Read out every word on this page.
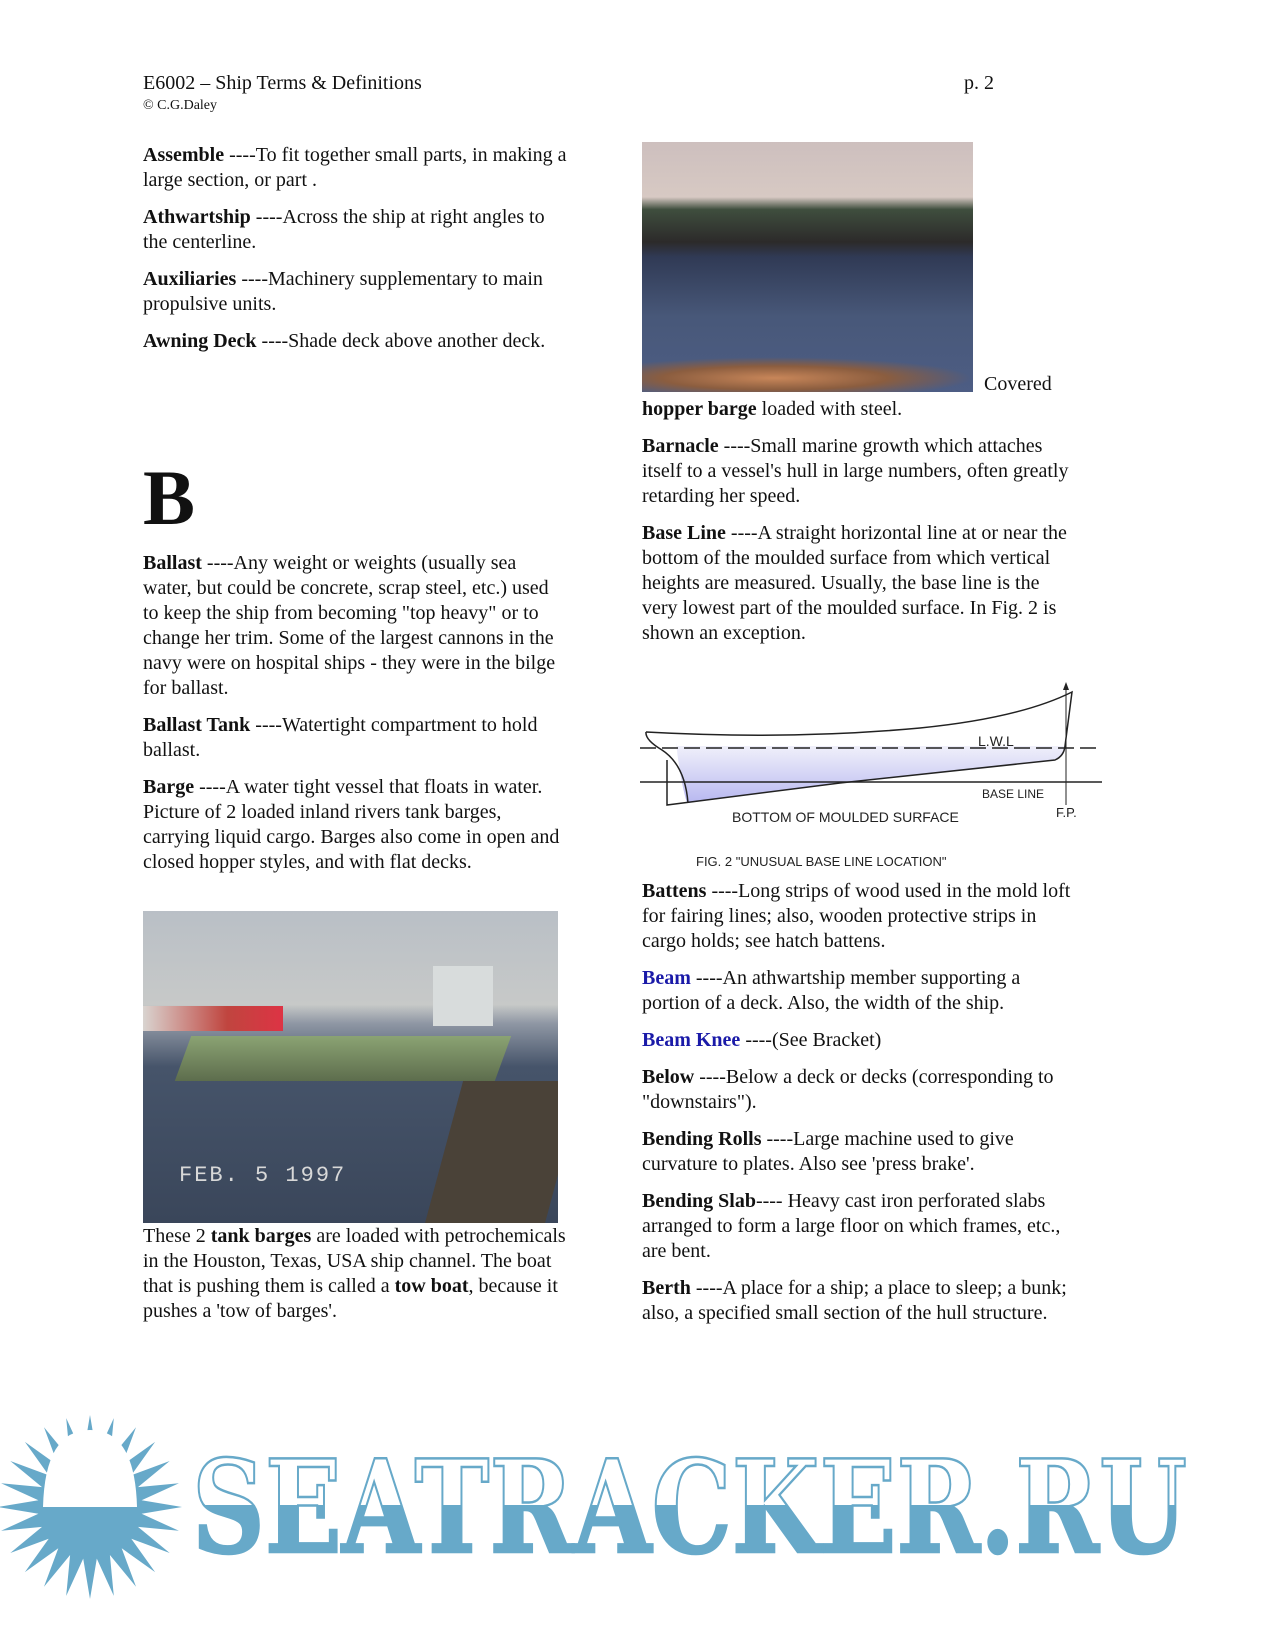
E6002 – Ship Terms & Definitions
© C.G.Daley
p. 2

Assemble ----To fit together small parts, in making a large section, or part .

Athwartship ----Across the ship at right angles to the centerline.

Auxiliaries ----Machinery supplementary to main propulsive units.

Awning Deck ----Shade deck above another deck.

B

Ballast ----Any weight or weights (usually sea water, but could be concrete, scrap steel, etc.) used to keep the ship from becoming "top heavy" or to change her trim. Some of the largest cannons in the navy were on hospital ships - they were in the bilge for ballast.

Ballast Tank ----Watertight compartment to hold ballast.

Barge ----A water tight vessel that floats in water. Picture of 2 loaded inland rivers tank barges, carrying liquid cargo. Barges also come in open and closed hopper styles, and with flat decks.

FEB. 5 1997
These 2 tank barges are loaded with petrochemicals in the Houston, Texas, USA ship channel. The boat that is pushing them is called a tow boat, because it pushes a 'tow of barges'.
Covered
hopper barge loaded with steel.

Barnacle ----Small marine growth which attaches itself to a vessel's hull in large numbers, often greatly retarding her speed.

Base Line ----A straight horizontal line at or near the bottom of the moulded surface from which vertical heights are measured. Usually, the base line is the very lowest part of the moulded surface. In Fig. 2 is shown an exception.

L.W.L
BASE LINE
BOTTOM OF MOULDED SURFACE	F.P.
FIG. 2 "UNUSUAL BASE LINE LOCATION"

Battens ----Long strips of wood used in the mold loft for fairing lines; also, wooden protective strips in cargo holds; see hatch battens.

Beam ----An athwartship member supporting a portion of a deck. Also, the width of the ship.

Beam Knee ----(See Bracket)

Below ----Below a deck or decks (corresponding to "downstairs").

Bending Rolls ----Large machine used to give curvature to plates. Also see 'press brake'.

Bending Slab---- Heavy cast iron perforated slabs arranged to form a large floor on which frames, etc., are bent.

Berth ----A place for a ship; a place to sleep; a bunk; also, a specified small section of the hull structure.

SEATRACKER.RU
